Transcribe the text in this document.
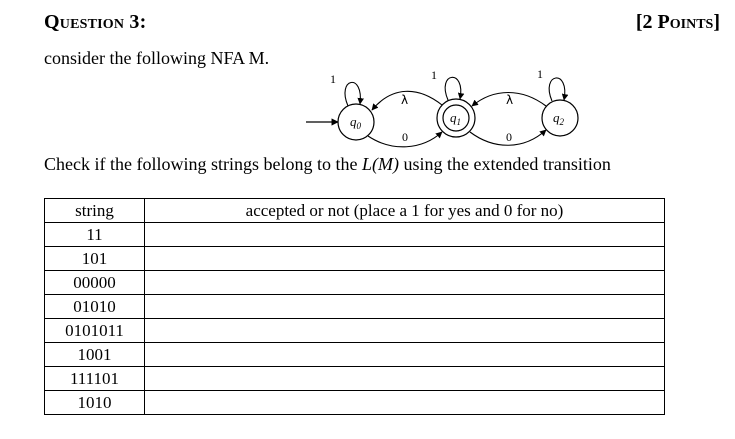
Question 3:	[2 Points]
consider the following NFA M.
$q_0$
$q_1$	$q_2$
1	1	1
λ
0
λ
0
Check if the following strings belong to the L(M) using the extended transition
string	accepted or not (place a 1 for yes and 0 for no)
11	
101	
00000	
01010	
0101011	
1001	
111101	
1010	
